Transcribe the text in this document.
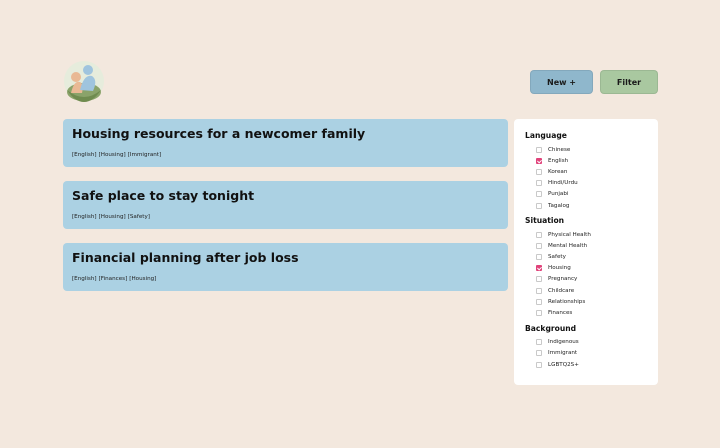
New +	Filter
Housing resources for a newcomer family
[English] [Housing] [Immigrant]
Safe place to stay tonight
[English] [Housing] [Safety]
Financial planning after job loss
[English] [Finances] [Housing]
Language
Chinese
English
Korean
Hindi/Urdu
Punjabi
Tagalog
Situation
Physical Health
Mental Health
Safety
Housing
Pregnancy
Childcare
Relationships
Finances
Background
Indigenous
Immigrant
LGBTQ2S+
